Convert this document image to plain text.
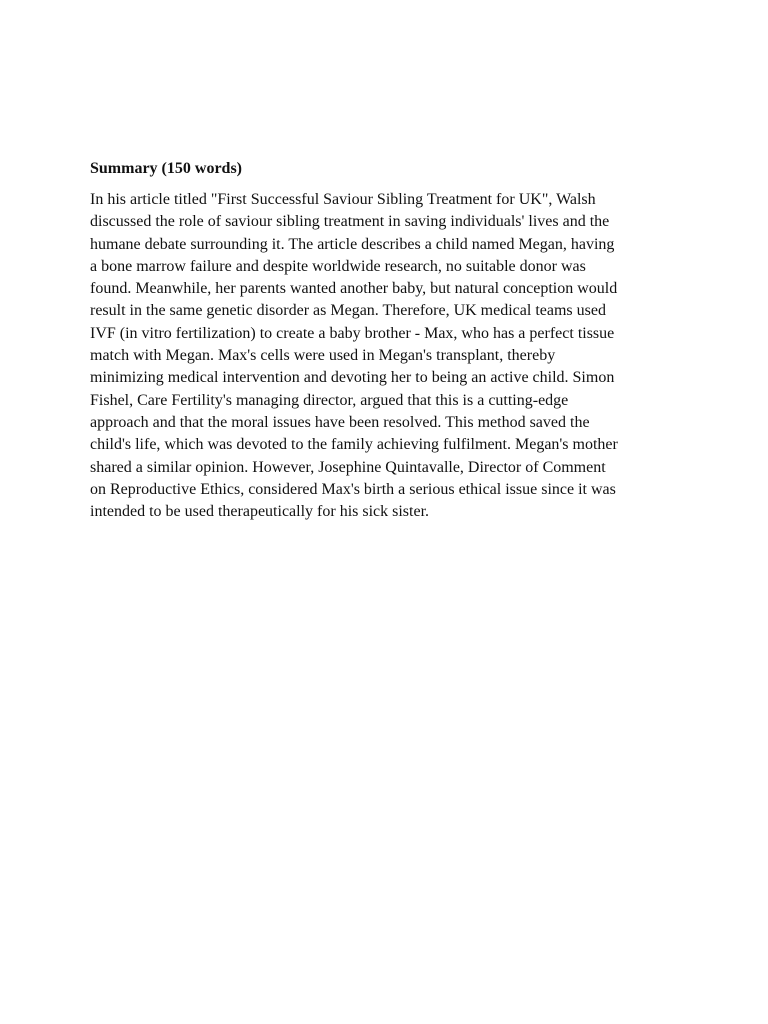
Summary (150 words)

In his article titled "First Successful Saviour Sibling Treatment for UK", Walsh
discussed the role of saviour sibling treatment in saving individuals' lives and the
humane debate surrounding it. The article describes a child named Megan, having
a bone marrow failure and despite worldwide research, no suitable donor was
found. Meanwhile, her parents wanted another baby, but natural conception would
result in the same genetic disorder as Megan. Therefore, UK medical teams used
IVF (in vitro fertilization) to create a baby brother - Max, who has a perfect tissue
match with Megan. Max's cells were used in Megan's transplant, thereby
minimizing medical intervention and devoting her to being an active child. Simon
Fishel, Care Fertility's managing director, argued that this is a cutting-edge
approach and that the moral issues have been resolved. This method saved the
child's life, which was devoted to the family achieving fulfilment. Megan's mother
shared a similar opinion. However, Josephine Quintavalle, Director of Comment
on Reproductive Ethics, considered Max's birth a serious ethical issue since it was
intended to be used therapeutically for his sick sister.
